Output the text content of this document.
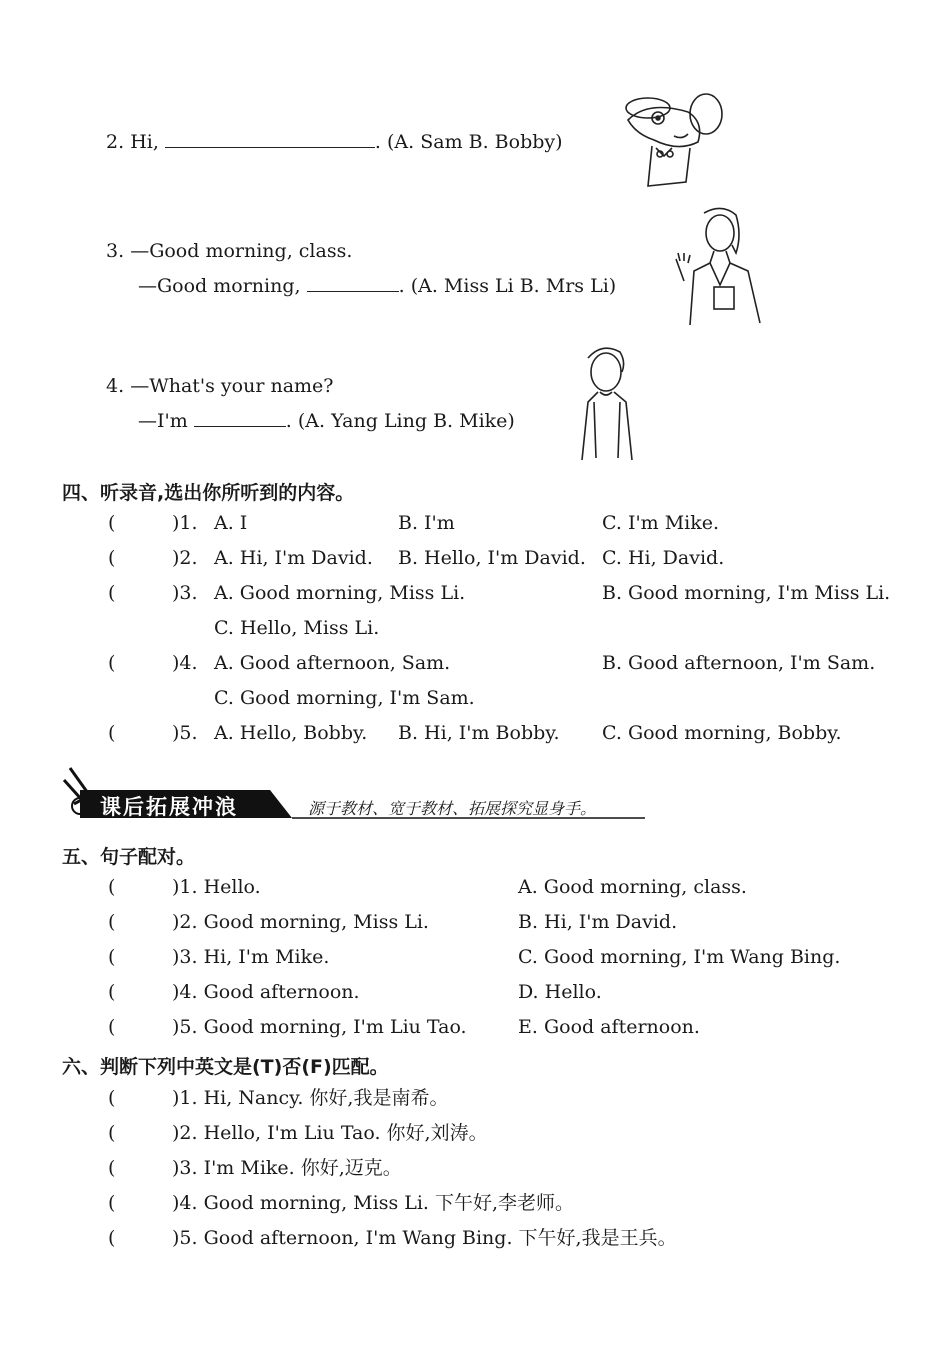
2. Hi,	. (A. Sam B. Bobby)
3. —Good morning, class.
—Good morning,	. (A. Miss Li B. Mrs Li)
4. —What's your name?
—I'm	. (A. Yang Ling B. Mike)
四、听录音,选出你所听到的内容。
(	)1. A. I	B. I'm	C. I'm Mike.
(	)2. A. Hi, I'm David. B. Hello, I'm David. C. Hi, David.
(	)3. A. Good morning, Miss Li.	B. Good morning, I'm Miss Li.
C. Hello, Miss Li.
(	)4. A. Good afternoon, Sam.	B. Good afternoon, I'm Sam.
C. Good morning, I'm Sam.
(	)5. A. Hello, Bobby. B. Hi, I'm Bobby. C. Good morning, Bobby.
课后拓展冲浪	源于教材、宽于教材、拓展探究显身手。
五、句子配对。
(	)1. Hello.	A. Good morning, class.
(	)2. Good morning, Miss Li.	B. Hi, I'm David.
(	)3. Hi, I'm Mike.	C. Good morning, I'm Wang Bing.
(	)4. Good afternoon.	D. Hello.
(	)5. Good morning, I'm Liu Tao.	E. Good afternoon.
六、判断下列中英文是(T)否(F)匹配。
(	)1. Hi, Nancy. 你好,我是南希。
(	)2. Hello, I'm Liu Tao. 你好,刘涛。
(	)3. I'm Mike. 你好,迈克。
(	)4. Good morning, Miss Li. 下午好,李老师。
(	)5. Good afternoon, I'm Wang Bing. 下午好,我是王兵。
